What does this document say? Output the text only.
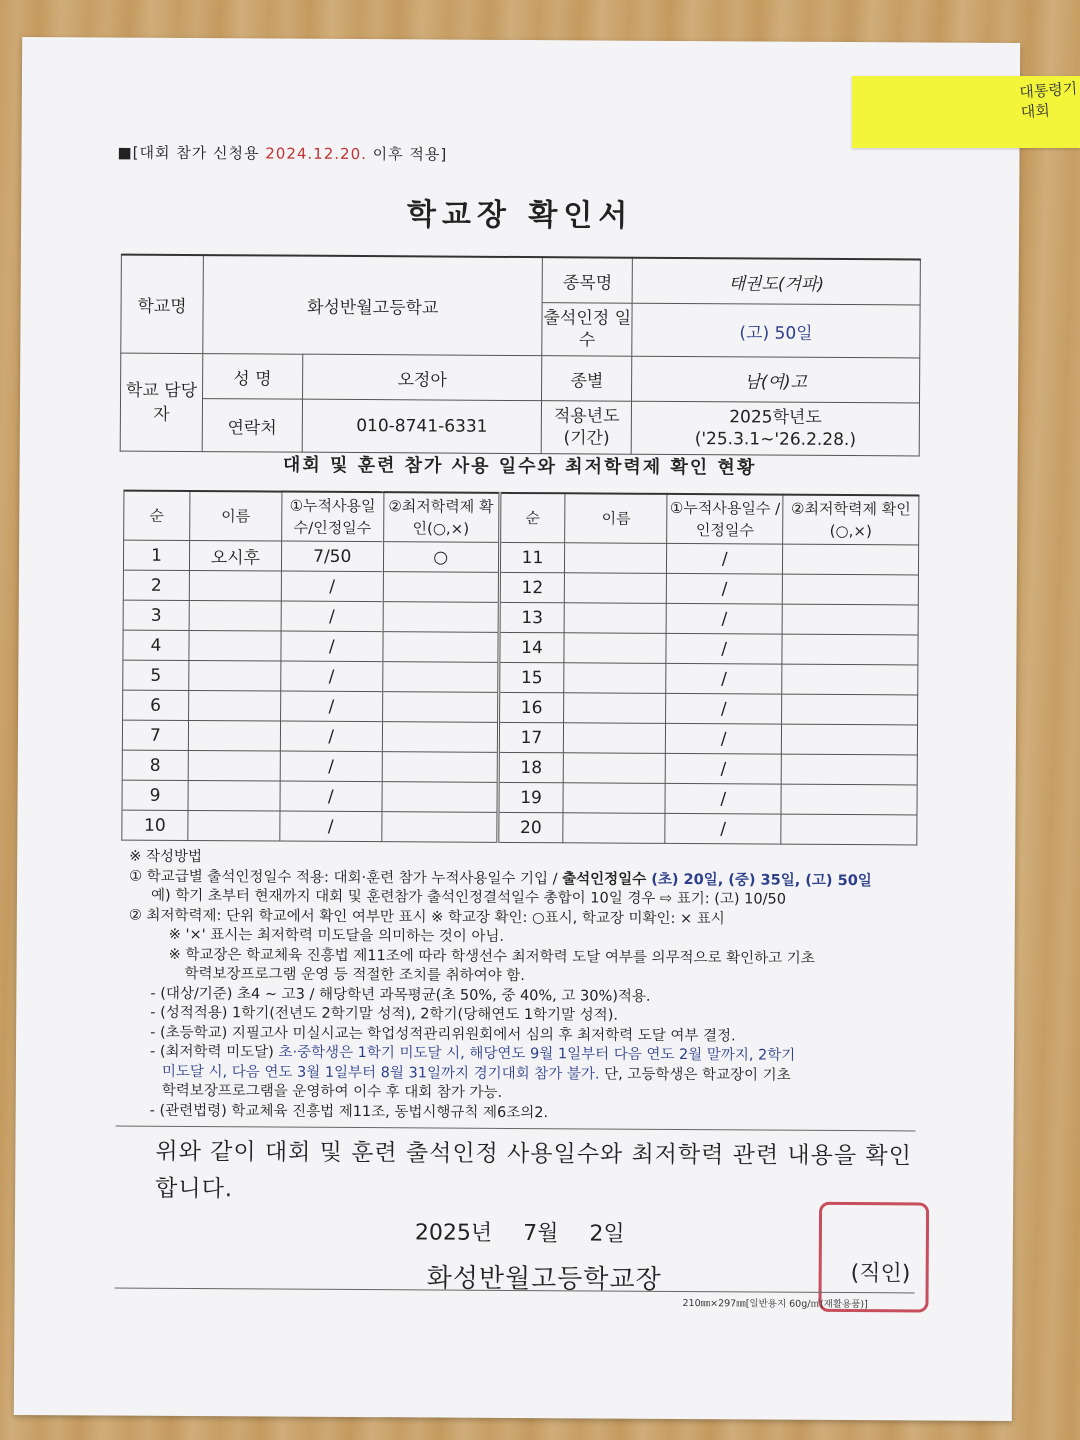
■[대회 참가 신청용 2024.12.20. 이후 적용]
학교장 확인서
학교명	화성반월고등학교		종목명	태권도(겨파)
			출석인정 일수	(고) 50일
학교 담당자	성 명	오정아	종별	남(여)고
	연락처	010-8741-6331	적용년도 (기간)	2025학년도
('25.3.1~'26.2.28.)
대회 및 훈련 참가 사용 일수와 최저학력제 확인 현황
순	이름	①누적사용일 수/인정일수	②최저학력제 확인(○,×)	순	이름	①누적사용일수 /인정일수	②최저학력제 확인(○,×)
1	오시후	7/50	○	11		/	
2		/		12		/	
3		/		13		/	
4		/		14		/	
5		/		15		/	
6		/		16		/	
7		/		17		/	
8		/		18		/	
9		/		19		/	
10		/		20		/	
※ 작성방법
① 학교급별 출석인정일수 적용: 대회·훈련 참가 누적사용일수 기입 / 출석인정일수 (초) 20일, (중) 35일, (고) 50일
예) 학기 초부터 현재까지 대회 및 훈련참가 출석인정결석일수 총합이 10일 경우 ⇨ 표기: (고) 10/50
② 최저학력제: 단위 학교에서 확인 여부만 표시 ※ 학교장 확인: ○표시, 학교장 미확인: × 표시
※ '×' 표시는 최저학력 미도달을 의미하는 것이 아님.
※ 학교장은 학교체육 진흥법 제11조에 따라 학생선수 최저학력 도달 여부를 의무적으로 확인하고 기초
학력보장프로그램 운영 등 적절한 조치를 취하여야 함.
- (대상/기준) 초4 ~ 고3 / 해당학년 과목평균(초 50%, 중 40%, 고 30%)적용.
- (성적적용) 1학기(전년도 2학기말 성적), 2학기(당해연도 1학기말 성적).
- (초등학교) 지필고사 미실시교는 학업성적관리위원회에서 심의 후 최저학력 도달 여부 결정.
- (최저학력 미도달) 초·중학생은 1학기 미도달 시, 해당연도 9월 1일부터 다음 연도 2월 말까지, 2학기
미도달 시, 다음 연도 3월 1일부터 8월 31일까지 경기대회 참가 불가. 단, 고등학생은 학교장이 기초
학력보장프로그램을 운영하여 이수 후 대회 참가 가능.
- (관련법령) 학교체육 진흥법 제11조, 동법시행규칙 제6조의2.
위와 같이 대회 및 훈련 출석인정 사용일수와 최저학력 관련 내용을 확인합니다.
2025년 7월 2일
화성반월고등학교장	(직인)
210㎜×297㎜[일반용지 60g/㎡(재활용품)]
대통령기 대회
